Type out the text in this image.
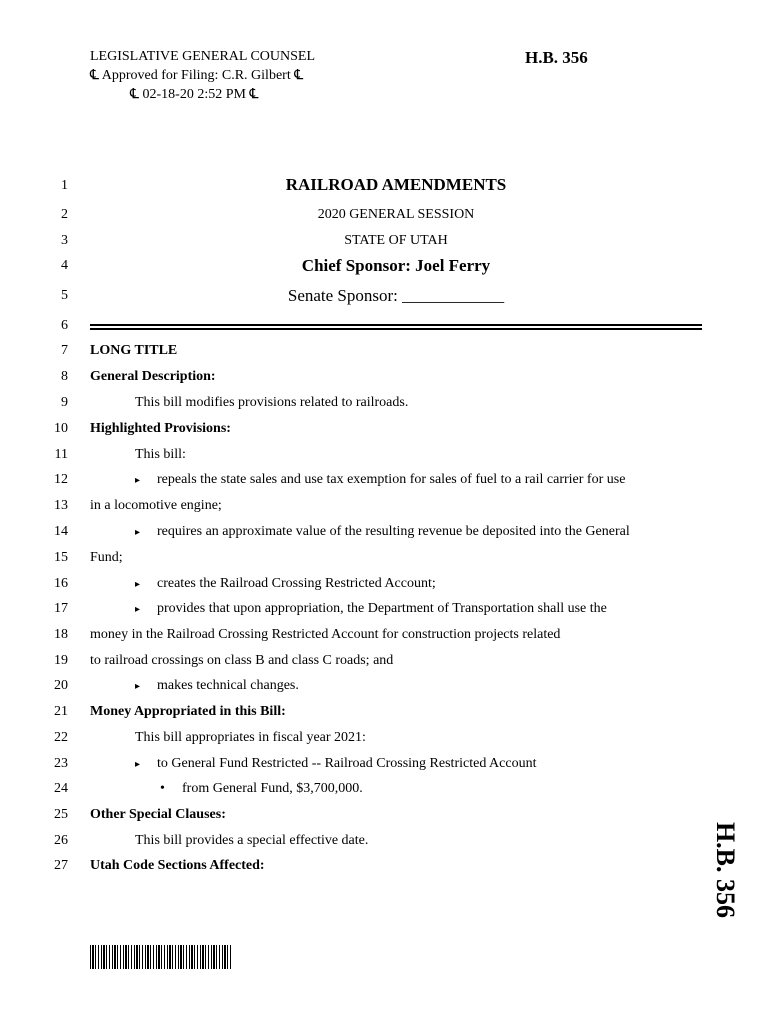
LEGISLATIVE GENERAL COUNSEL
℄ Approved for Filing: C.R. Gilbert ℄
℄ 02-18-20 2:52 PM ℄
H.B. 356
1	RAILROAD AMENDMENTS
2	2020 GENERAL SESSION
3	STATE OF UTAH
4	Chief Sponsor: Joel Ferry
5	Senate Sponsor: ____________
6
7 LONG TITLE
8 General Description:
9	This bill modifies provisions related to railroads.
10 Highlighted Provisions:
11	This bill:
12	▸ repeals the state sales and use tax exemption for sales of fuel to a rail carrier for use
13 in a locomotive engine;
14	▸ requires an approximate value of the resulting revenue be deposited into the General
15 Fund;
16	▸ creates the Railroad Crossing Restricted Account;
17	▸ provides that upon appropriation, the Department of Transportation shall use the
18 money in the Railroad Crossing Restricted Account for construction projects related
19 to railroad crossings on class B and class C roads; and
20	▸ makes technical changes.
21 Money Appropriated in this Bill:
22	This bill appropriates in fiscal year 2021:
23	▸ to General Fund Restricted -- Railroad Crossing Restricted Account
24	• from General Fund, $3,700,000.
25 Other Special Clauses:
26	This bill provides a special effective date.
27 Utah Code Sections Affected:	H.B. 356
